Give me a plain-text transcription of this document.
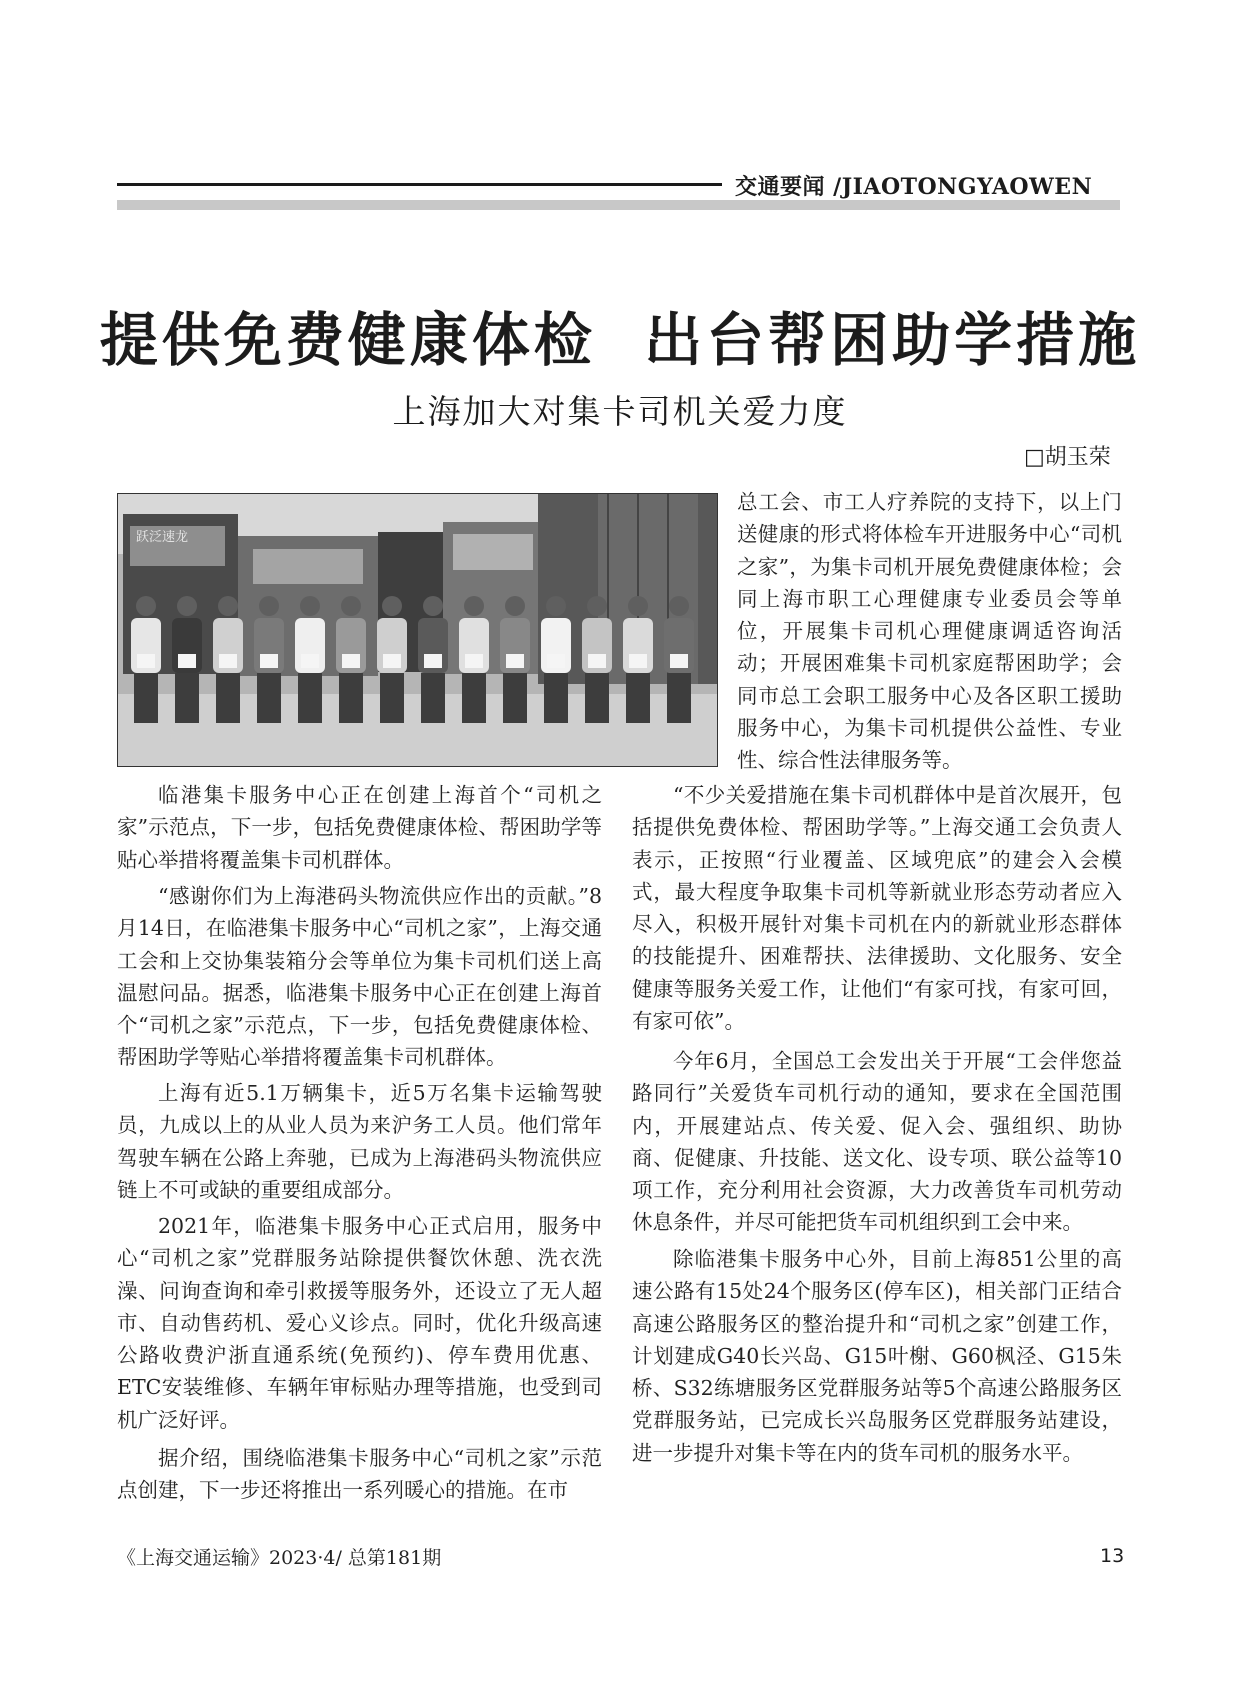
交通要闻 /JIAOTONGYAOWEN
提供免费健康体检  出台帮困助学措施
上海加大对集卡司机关爱力度
□胡玉荣
跃泛速龙

总工会、市工人疗养院的支持下，以上门送健康的形式将体检车开进服务中心“司机之家”，为集卡司机开展免费健康体检；会同上海市职工心理健康专业委员会等单位，开展集卡司机心理健康调适咨询活动；开展困难集卡司机家庭帮困助学；会同市总工会职工服务中心及各区职工援助服务中心，为集卡司机提供公益性、专业性、综合性法律服务等。

临港集卡服务中心正在创建上海首个“司机之家”示范点，下一步，包括免费健康体检、帮困助学等贴心举措将覆盖集卡司机群体。

“感谢你们为上海港码头物流供应作出的贡献。”8月14日，在临港集卡服务中心“司机之家”，上海交通工会和上交协集装箱分会等单位为集卡司机们送上高温慰问品。据悉，临港集卡服务中心正在创建上海首个“司机之家”示范点，下一步，包括免费健康体检、帮困助学等贴心举措将覆盖集卡司机群体。

上海有近5.1万辆集卡，近5万名集卡运输驾驶员，九成以上的从业人员为来沪务工人员。他们常年驾驶车辆在公路上奔驰，已成为上海港码头物流供应链上不可或缺的重要组成部分。

2021年，临港集卡服务中心正式启用，服务中心“司机之家”党群服务站除提供餐饮休憩、洗衣洗澡、问询查询和牵引救援等服务外，还设立了无人超市、自动售药机、爱心义诊点。同时，优化升级高速公路收费沪浙直通系统(免预约)、停车费用优惠、ETC安装维修、车辆年审标贴办理等措施，也受到司机广泛好评。

据介绍，围绕临港集卡服务中心“司机之家”示范点创建，下一步还将推出一系列暖心的措施。在市

“不少关爱措施在集卡司机群体中是首次展开，包括提供免费体检、帮困助学等。”上海交通工会负责人表示，正按照“行业覆盖、区域兜底”的建会入会模式，最大程度争取集卡司机等新就业形态劳动者应入尽入，积极开展针对集卡司机在内的新就业形态群体的技能提升、困难帮扶、法律援助、文化服务、安全健康等服务关爱工作，让他们“有家可找，有家可回，有家可依”。

今年6月，全国总工会发出关于开展“工会伴您益路同行”关爱货车司机行动的通知，要求在全国范围内，开展建站点、传关爱、促入会、强组织、助协商、促健康、升技能、送文化、设专项、联公益等10项工作，充分利用社会资源，大力改善货车司机劳动休息条件，并尽可能把货车司机组织到工会中来。

除临港集卡服务中心外，目前上海851公里的高速公路有15处24个服务区(停车区)，相关部门正结合高速公路服务区的整治提升和“司机之家”创建工作，计划建成G40长兴岛、G15叶榭、G60枫泾、G15朱桥、S32练塘服务区党群服务站等5个高速公路服务区党群服务站，已完成长兴岛服务区党群服务站建设，进一步提升对集卡等在内的货车司机的服务水平。

《上海交通运输》2023·4/ 总第181期	13
